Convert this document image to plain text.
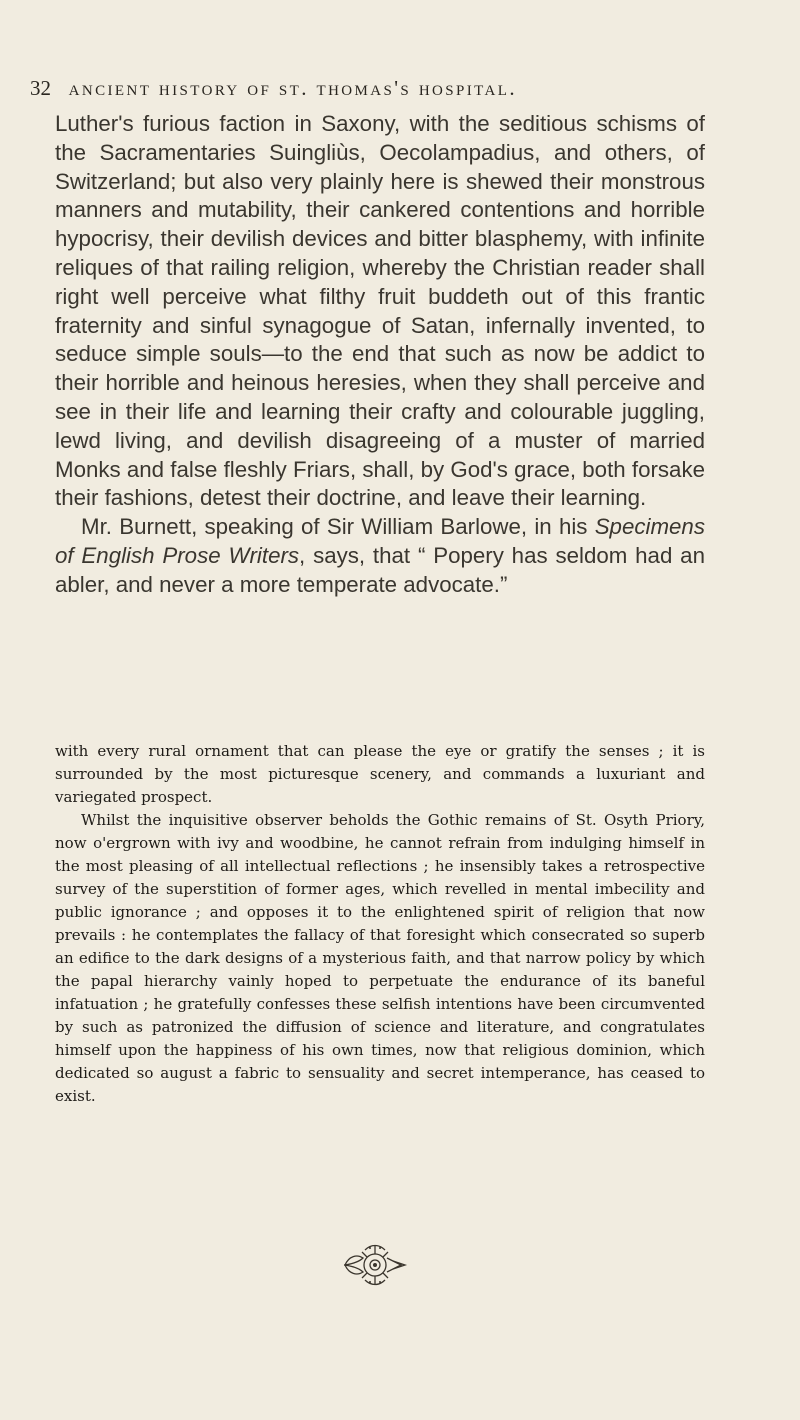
32 ancient history of st. thomas's hospital.

Luther's furious faction in Saxony, with the seditious schisms of the Sacramentaries Suingliùs, Oecolampadius, and others, of Switzerland; but also very plainly here is shewed their monstrous manners and mutability, their cankered contentions and horrible hypocrisy, their devilish devices and bitter blasphemy, with infinite reliques of that railing religion, whereby the Christian reader shall right well perceive what filthy fruit buddeth out of this frantic fraternity and sinful synagogue of Satan, infernally invented, to seduce simple souls—to the end that such as now be addict to their horrible and heinous heresies, when they shall perceive and see in their life and learning their crafty and colourable juggling, lewd living, and devilish disagreeing of a muster of married Monks and false fleshly Friars, shall, by God's grace, both forsake their fashions, detest their doctrine, and leave their learning.

Mr. Burnett, speaking of Sir William Barlowe, in his Specimens of English Prose Writers, says, that “ Popery has seldom had an abler, and never a more temperate advocate.”

with every rural ornament that can please the eye or gratify the senses ; it is surrounded by the most picturesque scenery, and commands a luxuriant and variegated prospect.

Whilst the inquisitive observer beholds the Gothic remains of St. Osyth Priory, now o'ergrown with ivy and woodbine, he cannot refrain from indulging himself in the most pleasing of all intellectual reflections ; he insensibly takes a retrospective survey of the superstition of former ages, which revelled in mental imbecility and public ignorance ; and opposes it to the enlightened spirit of religion that now prevails : he contemplates the fallacy of that foresight which consecrated so superb an edifice to the dark designs of a mysterious faith, and that narrow policy by which the papal hierarchy vainly hoped to perpetuate the endurance of its baneful infatuation ; he gratefully confesses these selfish intentions have been circumvented by such as patronized the diffusion of science and literature, and congratulates himself upon the happiness of his own times, now that religious dominion, which dedicated so august a fabric to sensuality and secret intemperance, has ceased to exist.
